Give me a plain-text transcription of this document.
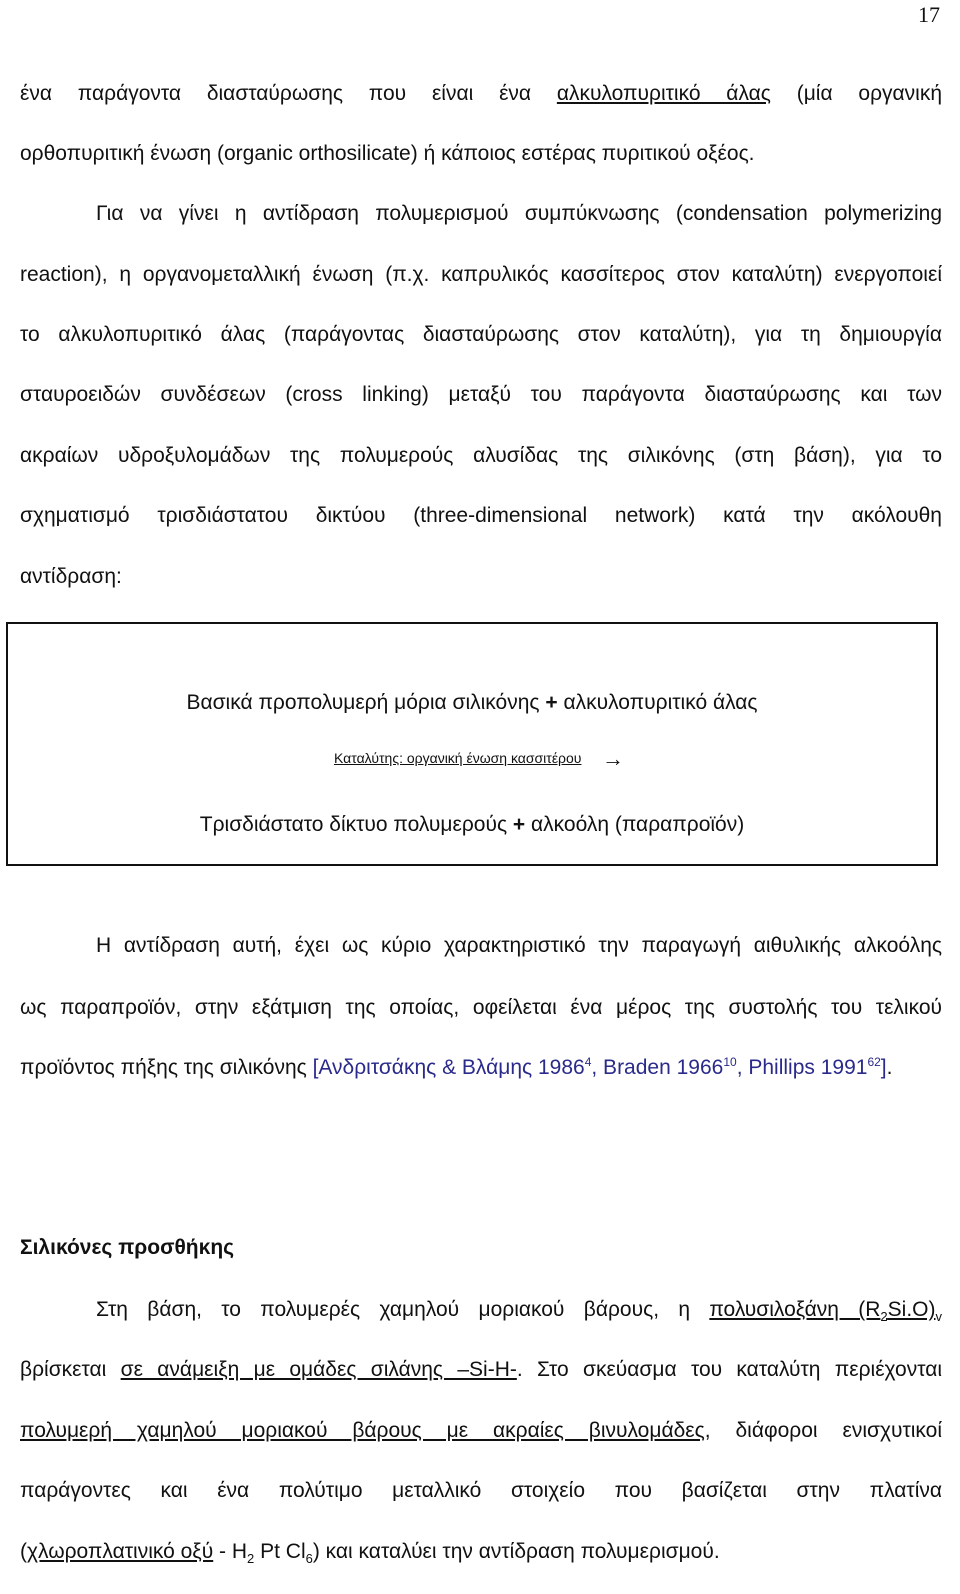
17
ένα παράγοντα διασταύρωσης που είναι ένα αλκυλοπυριτικό άλας (μία οργανική
ορθοπυριτική ένωση (organic orthosilicate) ή κάποιος εστέρας πυριτικού οξέος.
Για να γίνει η αντίδραση πολυμερισμού συμπύκνωσης (condensation polymerizing
reaction), η οργανομεταλλική ένωση (π.χ. καπρυλικός κασσίτερος στον καταλύτη) ενεργοποιεί
το αλκυλοπυριτικό άλας (παράγοντας διασταύρωσης στον καταλύτη), για τη δημιουργία
σταυροειδών συνδέσεων (cross linking) μεταξύ του παράγοντα διασταύρωσης και των
ακραίων υδροξυλομάδων της πολυμερούς αλυσίδας της σιλικόνης (στη βάση), για το
σχηματισμό τρισδιάστατου δικτύου (three-dimensional network) κατά την ακόλουθη
αντίδραση:
Βασικά προπολυμερή μόρια σιλικόνης + αλκυλοπυριτικό άλας
Καταλύτης: οργανική ένωση κασσιτέρου →
Τρισδιάστατο δίκτυο πολυμερούς + αλκοόλη (παραπροϊόν)
Η αντίδραση αυτή, έχει ως κύριο χαρακτηριστικό την παραγωγή αιθυλικής αλκοόλης
ως παραπροϊόν, στην εξάτμιση της οποίας, οφείλεται ένα μέρος της συστολής του τελικού
προϊόντος πήξης της σιλικόνης [Ανδριτσάκης & Βλάμης 1986$^4$, Braden 1966$^{10}$, Phillips 1991$^{62}$].
Σιλικόνες προσθήκης
Στη βάση, το πολυμερές χαμηλού μοριακού βάρους, η πολυσιλοξάνη $(R_2Si.O)_v$
βρίσκεται σε ανάμειξη με ομάδες σιλάνης –Si-H-. Στο σκεύασμα του καταλύτη περιέχονται
πολυμερή χαμηλού μοριακού βάρους με ακραίες βινυλομάδες, διάφοροι ενισχυτικοί
παράγοντες και ένα πολύτιμο μεταλλικό στοιχείο που βασίζεται στην πλατίνα
(χλωροπλατινικό οξύ - $H_2$ Pt $Cl_6$) και καταλύει την αντίδραση πολυμερισμού.
